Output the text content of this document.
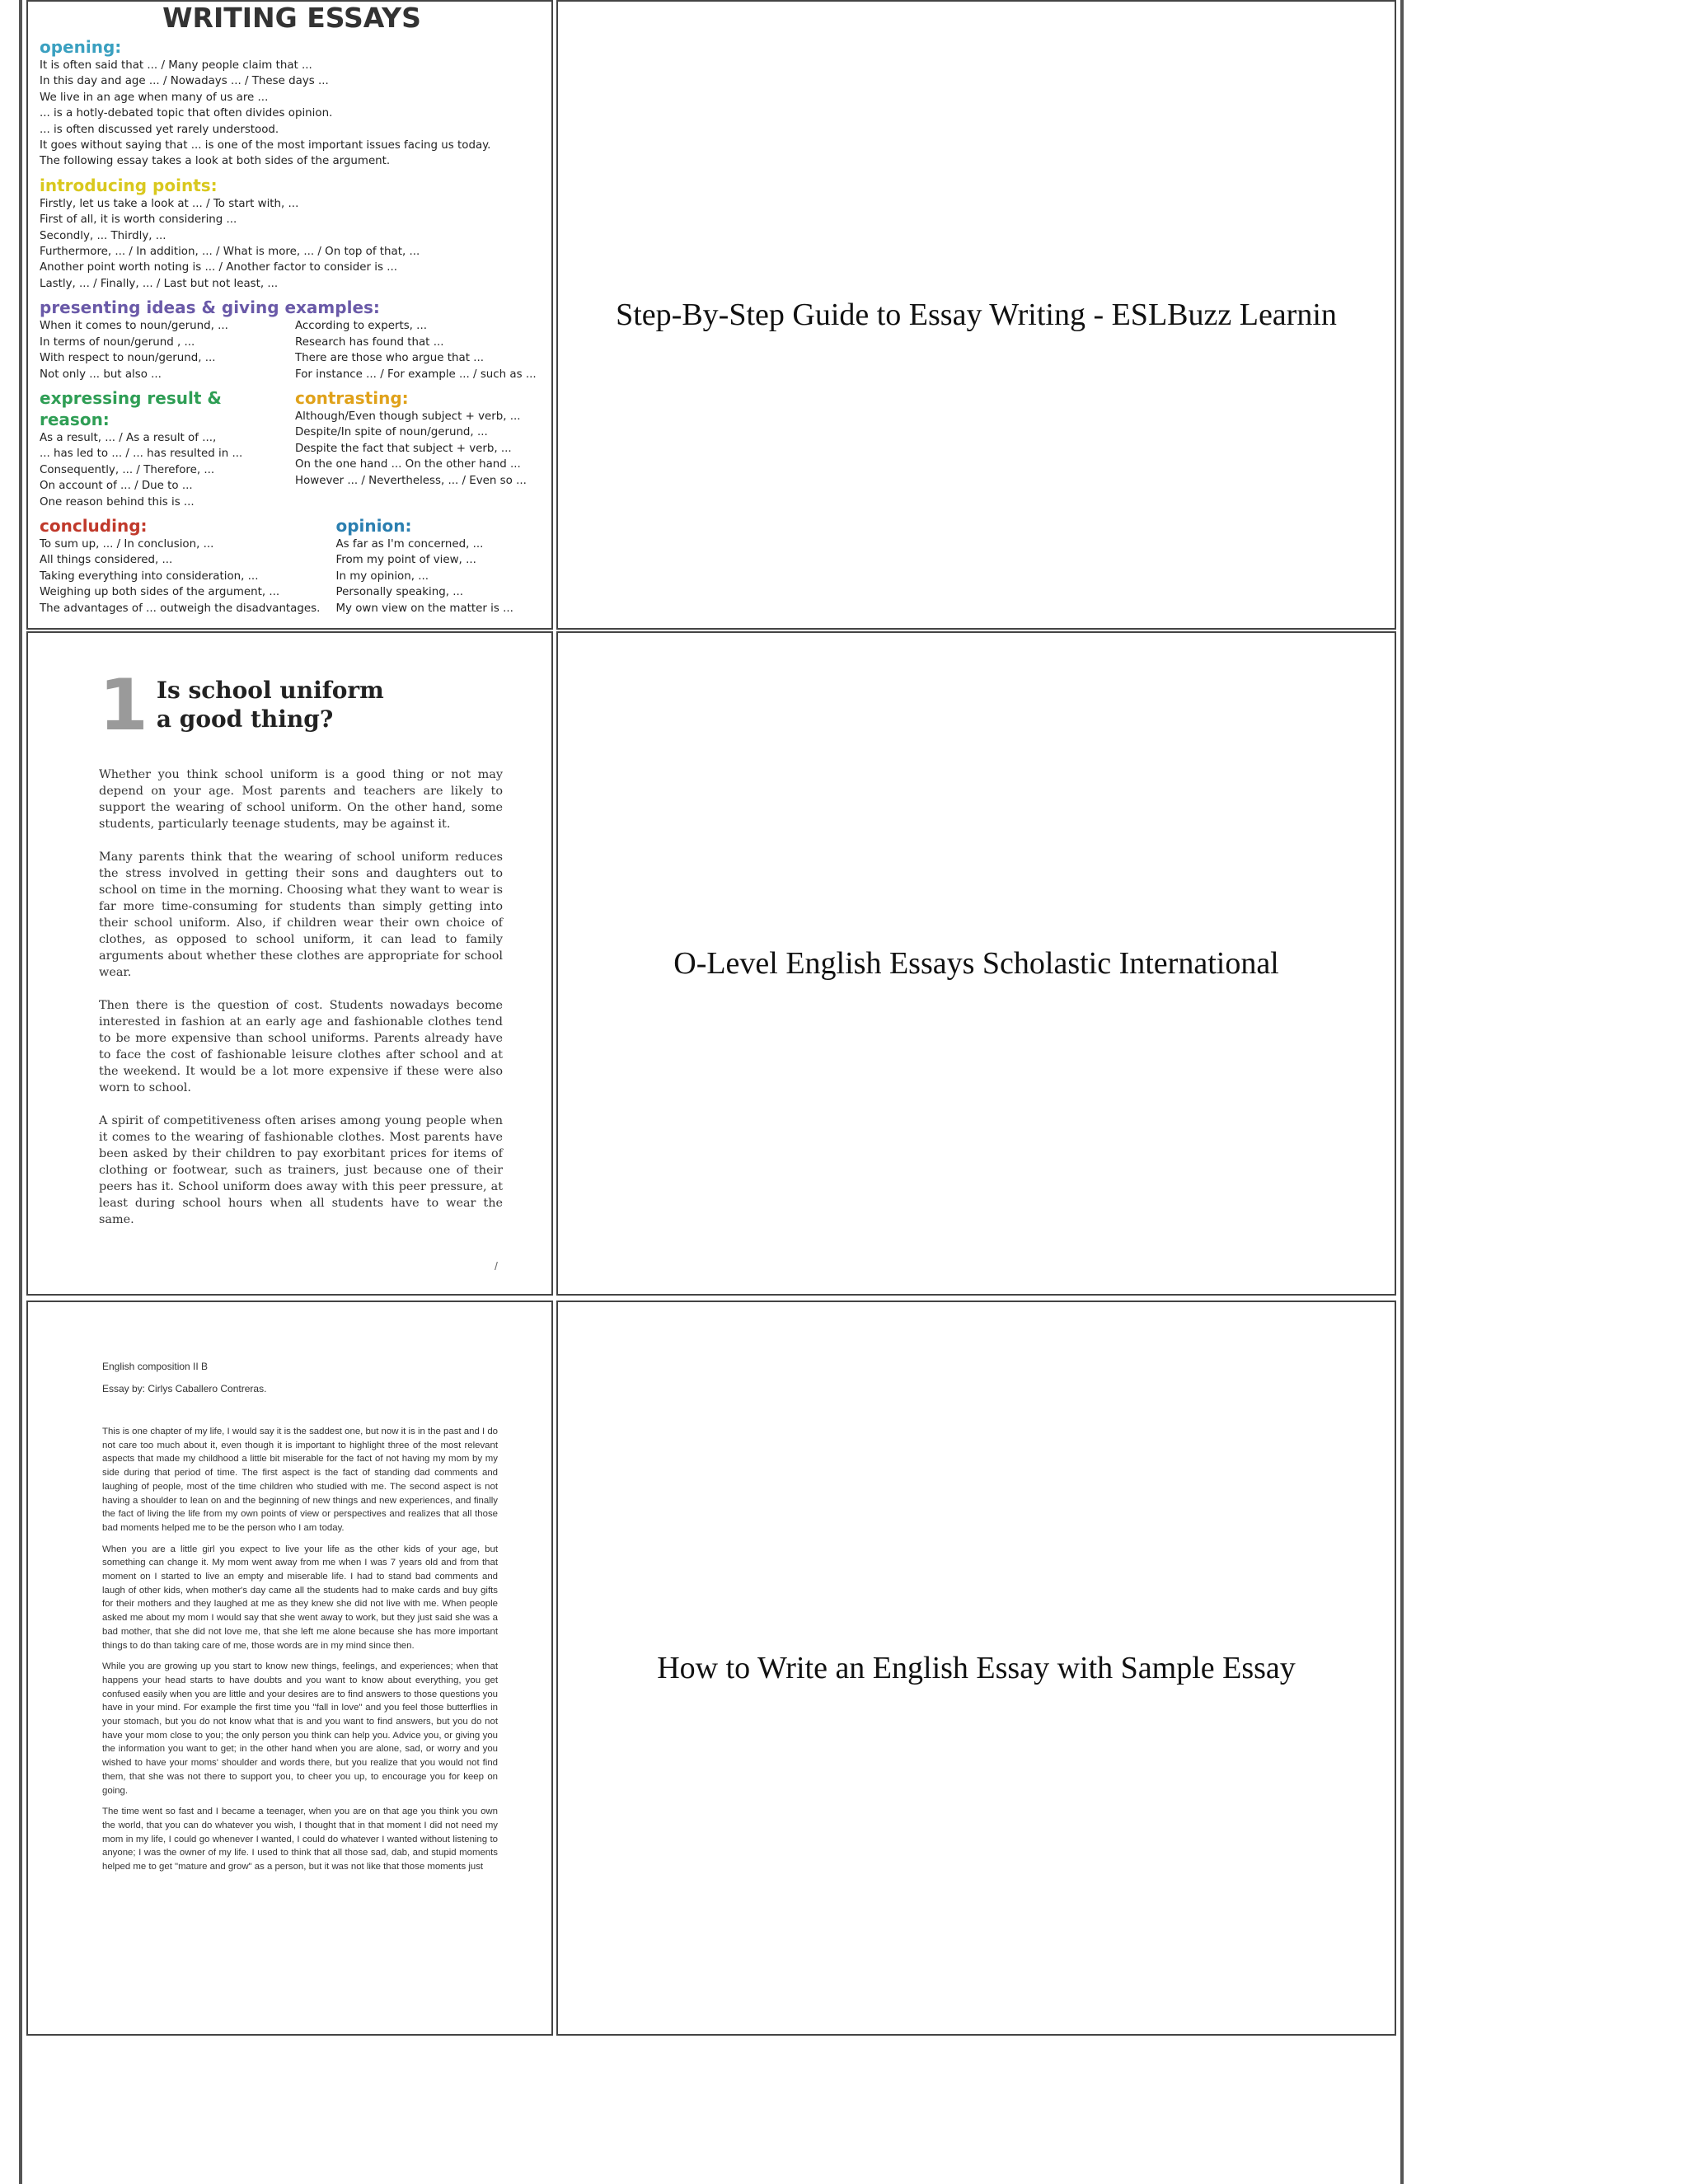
WRITING ESSAYS
opening:
It is often said that ... / Many people claim that ...
In this day and age ... / Nowadays ... / These days ...
We live in an age when many of us are ...
... is a hotly-debated topic that often divides opinion.
... is often discussed yet rarely understood.
It goes without saying that ... is one of the most important issues facing us today.
The following essay takes a look at both sides of the argument.
introducing points:
Firstly, let us take a look at ... / To start with, ...
First of all, it is worth considering ...
Secondly, ... Thirdly, ...
Furthermore, ... / In addition, ... / What is more, ... / On top of that, ...
Another point worth noting is ... / Another factor to consider is ...
Lastly, ... / Finally, ... / Last but not least, ...
presenting ideas & giving examples:
When it comes to noun/gerund, ...
In terms of noun/gerund , ...
With respect to noun/gerund, ...
Not only ... but also ...
According to experts, ...
Research has found that ...
There are those who argue that ...
For instance ... / For example ... / such as ...
expressing result & reason:
As a result, ... / As a result of ...,
... has led to ... / ... has resulted in ...
Consequently, ... / Therefore, ...
On account of ... / Due to ...
One reason behind this is ...
contrasting:
Although/Even though subject + verb, ...
Despite/In spite of noun/gerund, ...
Despite the fact that subject + verb, ...
On the one hand ... On the other hand ...
However ... / Nevertheless, ... / Even so ...
concluding:
To sum up, ... / In conclusion, ...
All things considered, ...
Taking everything into consideration, ...
Weighing up both sides of the argument, ...
The advantages of ... outweigh the disadvantages.
opinion:
As far as I'm concerned, ...
From my point of view, ...
In my opinion, ...
Personally speaking, ...
My own view on the matter is ...
Step-By-Step Guide to Essay Writing - ESLBuzz Learnin
1 Is school uniform
a good thing?

Whether you think school uniform is a good thing or not may depend on your age. Most parents and teachers are likely to support the wearing of school uniform. On the other hand, some students, particularly teenage students, may be against it.

Many parents think that the wearing of school uniform reduces the stress involved in getting their sons and daughters out to school on time in the morning. Choosing what they want to wear is far more time-consuming for students than simply getting into their school uniform. Also, if children wear their own choice of clothes, as opposed to school uniform, it can lead to family arguments about whether these clothes are appropriate for school wear.

Then there is the question of cost. Students nowadays become interested in fashion at an early age and fashionable clothes tend to be more expensive than school uniforms. Parents already have to face the cost of fashionable leisure clothes after school and at the weekend. It would be a lot more expensive if these were also worn to school.

A spirit of competitiveness often arises among young people when it comes to the wearing of fashionable clothes. Most parents have been asked by their children to pay exorbitant prices for items of clothing or footwear, such as trainers, just because one of their peers has it. School uniform does away with this peer pressure, at least during school hours when all students have to wear the same.

/
O-Level English Essays Scholastic International
English composition II B
Essay by: Cirlys Caballero Contreras.

This is one chapter of my life, I would say it is the saddest one, but now it is in the past and I do not care too much about it, even though it is important to highlight three of the most relevant aspects that made my childhood a little bit miserable for the fact of not having my mom by my side during that period of time. The first aspect is the fact of standing dad comments and laughing of people, most of the time children who studied with me. The second aspect is not having a shoulder to lean on and the beginning of new things and new experiences, and finally the fact of living the life from my own points of view or perspectives and realizes that all those bad moments helped me to be the person who I am today.

When you are a little girl you expect to live your life as the other kids of your age, but something can change it. My mom went away from me when I was 7 years old and from that moment on I started to live an empty and miserable life. I had to stand bad comments and laugh of other kids, when mother's day came all the students had to make cards and buy gifts for their mothers and they laughed at me as they knew she did not live with me. When people asked me about my mom I would say that she went away to work, but they just said she was a bad mother, that she did not love me, that she left me alone because she has more important things to do than taking care of me, those words are in my mind since then.

While you are growing up you start to know new things, feelings, and experiences; when that happens your head starts to have doubts and you want to know about everything, you get confused easily when you are little and your desires are to find answers to those questions you have in your mind. For example the first time you "fall in love" and you feel those butterflies in your stomach, but you do not know what that is and you want to find answers, but you do not have your mom close to you; the only person you think can help you. Advice you, or giving you the information you want to get; in the other hand when you are alone, sad, or worry and you wished to have your moms' shoulder and words there, but you realize that you would not find them, that she was not there to support you, to cheer you up, to encourage you for keep on going.

The time went so fast and I became a teenager, when you are on that age you think you own the world, that you can do whatever you wish, I thought that in that moment I did not need my mom in my life, I could go whenever I wanted, I could do whatever I wanted without listening to anyone; I was the owner of my life. I used to think that all those sad, dab, and stupid moments helped me to get "mature and grow" as a person, but it was not like that those moments just

How to Write an English Essay with Sample Essay
